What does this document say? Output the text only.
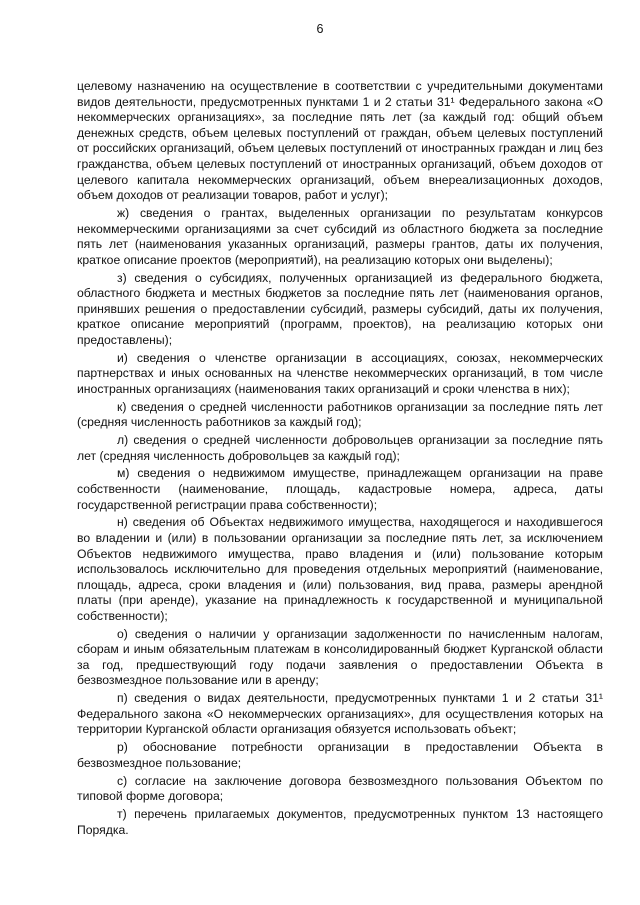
6

целевому назначению на осуществление в соответствии с учредительными документами видов деятельности, предусмотренных пунктами 1 и 2 статьи 31¹ Федерального закона «О некоммерческих организациях», за последние пять лет (за каждый год: общий объем денежных средств, объем целевых поступлений от граждан, объем целевых поступлений от российских организаций, объем целевых поступлений от иностранных граждан и лиц без гражданства, объем целевых поступлений от иностранных организаций, объем доходов от целевого капитала некоммерческих организаций, объем внереализационных доходов, объем доходов от реализации товаров, работ и услуг);

ж) сведения о грантах, выделенных организации по результатам конкурсов некоммерческими организациями за счет субсидий из областного бюджета за последние пять лет (наименования указанных организаций, размеры грантов, даты их получения, краткое описание проектов (мероприятий), на реализацию которых они выделены);

з) сведения о субсидиях, полученных организацией из федерального бюджета, областного бюджета и местных бюджетов за последние пять лет (наименования органов, принявших решения о предоставлении субсидий, размеры субсидий, даты их получения, краткое описание мероприятий (программ, проектов), на реализацию которых они предоставлены);

и) сведения о членстве организации в ассоциациях, союзах, некоммерческих партнерствах и иных основанных на членстве некоммерческих организаций, в том числе иностранных организациях (наименования таких организаций и сроки членства в них);

к) сведения о средней численности работников организации за последние пять лет (средняя численность работников за каждый год);

л) сведения о средней численности добровольцев организации за последние пять лет (средняя численность добровольцев за каждый год);

м) сведения о недвижимом имуществе, принадлежащем организации на праве собственности (наименование, площадь, кадастровые номера, адреса, даты государственной регистрации права собственности);

н) сведения об Объектах недвижимого имущества, находящегося и находившегося во владении и (или) в пользовании организации за последние пять лет, за исключением Объектов недвижимого имущества, право владения и (или) пользование которым использовалось исключительно для проведения отдельных мероприятий (наименование, площадь, адреса, сроки владения и (или) пользования, вид права, размеры арендной платы (при аренде), указание на принадлежность к государственной и муниципальной собственности);

о) сведения о наличии у организации задолженности по начисленным налогам, сборам и иным обязательным платежам в консолидированный бюджет Курганской области за год, предшествующий году подачи заявления о предоставлении Объекта в безвозмездное пользование или в аренду;

п) сведения о видах деятельности, предусмотренных пунктами 1 и 2 статьи 31¹ Федерального закона «О некоммерческих организациях», для осуществления которых на территории Курганской области организация обязуется использовать объект;

р) обоснование потребности организации в предоставлении Объекта в безвозмездное пользование;

с) согласие на заключение договора безвозмездного пользования Объектом по типовой форме договора;

т) перечень прилагаемых документов, предусмотренных пунктом 13 настоящего Порядка.
